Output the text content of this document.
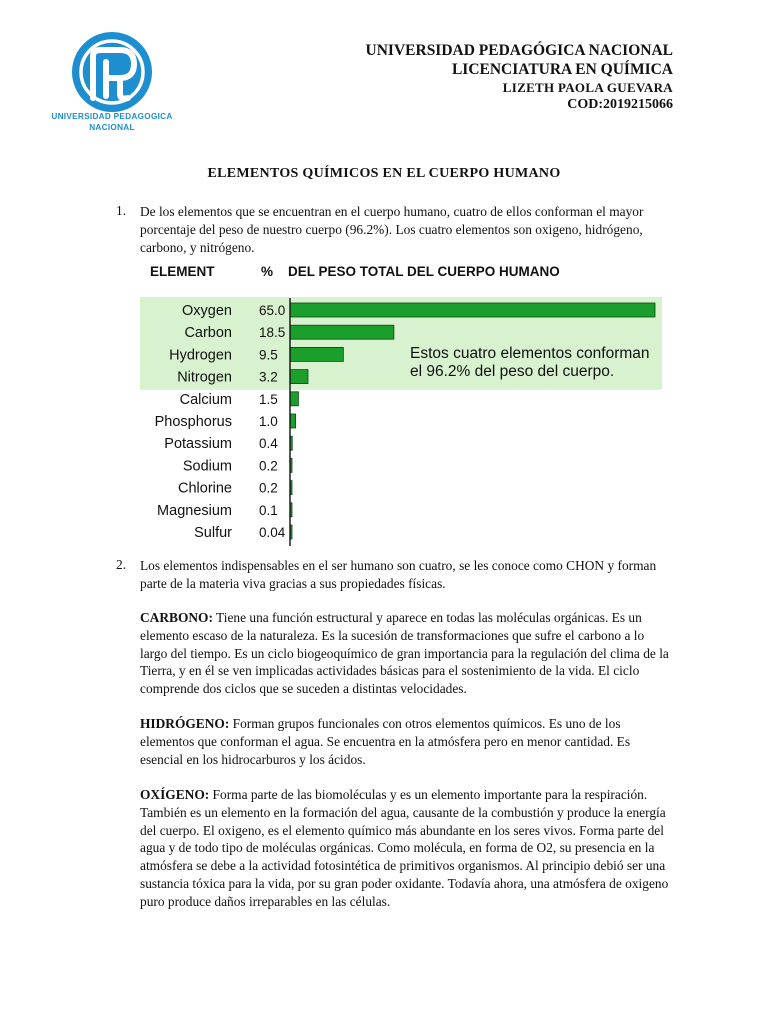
UNIVERSIDAD PEDAGOGICA NACIONAL
UNIVERSIDAD PEDAGÓGICA NACIONAL
LICENCIATURA EN QUÍMICA
LIZETH PAOLA GUEVARA
COD:2019215066
ELEMENTOS QUÍMICOS EN EL CUERPO HUMANO
1. De los elementos que se encuentran en el cuerpo humano, cuatro de ellos conforman el mayor porcentaje del peso de nuestro cuerpo (96.2%). Los cuatro elementos son oxigeno, hidrógeno, carbono, y nitrógeno.
ELEMENT	% DEL PESO TOTAL DEL CUERPO HUMANO
Oxygen 65.0
Carbon 18.5
Hydrogen 9.5
Nitrogen 3.2
Calcium 1.5
Phosphorus 1.0
Potassium 0.4
Sodium 0.2
Chlorine 0.2
Magnesium 0.1
Sulfur 0.04
Estos cuatro elementos conforman
el 96.2% del peso del cuerpo.
2. Los elementos indispensables en el ser humano son cuatro, se les conoce como CHON y forman parte de la materia viva gracias a sus propiedades físicas.
CARBONO: Tiene una función estructural y aparece en todas las moléculas orgánicas. Es un elemento escaso de la naturaleza. Es la sucesión de transformaciones que sufre el carbono a lo largo del tiempo. Es un ciclo biogeoquímico de gran importancia para la regulación del clima de la Tierra, y en él se ven implicadas actividades básicas para el sostenimiento de la vida. El ciclo comprende dos ciclos que se suceden a distintas velocidades.
HIDRÓGENO: Forman grupos funcionales con otros elementos químicos. Es uno de los elementos que conforman el agua. Se encuentra en la atmósfera pero en menor cantidad. Es esencial en los hidrocarburos y los ácidos.
OXÍGENO: Forma parte de las biomoléculas y es un elemento importante para la respiración. También es un elemento en la formación del agua, causante de la combustión y produce la energía del cuerpo. El oxigeno, es el elemento químico más abundante en los seres vivos. Forma parte del agua y de todo tipo de moléculas orgánicas. Como molécula, en forma de O2, su presencia en la atmósfera se debe a la actividad fotosintética de primitivos organismos. Al principio debió ser una sustancia tóxica para la vida, por su gran poder oxidante. Todavía ahora, una atmósfera de oxigeno puro produce daños irreparables en las células.
